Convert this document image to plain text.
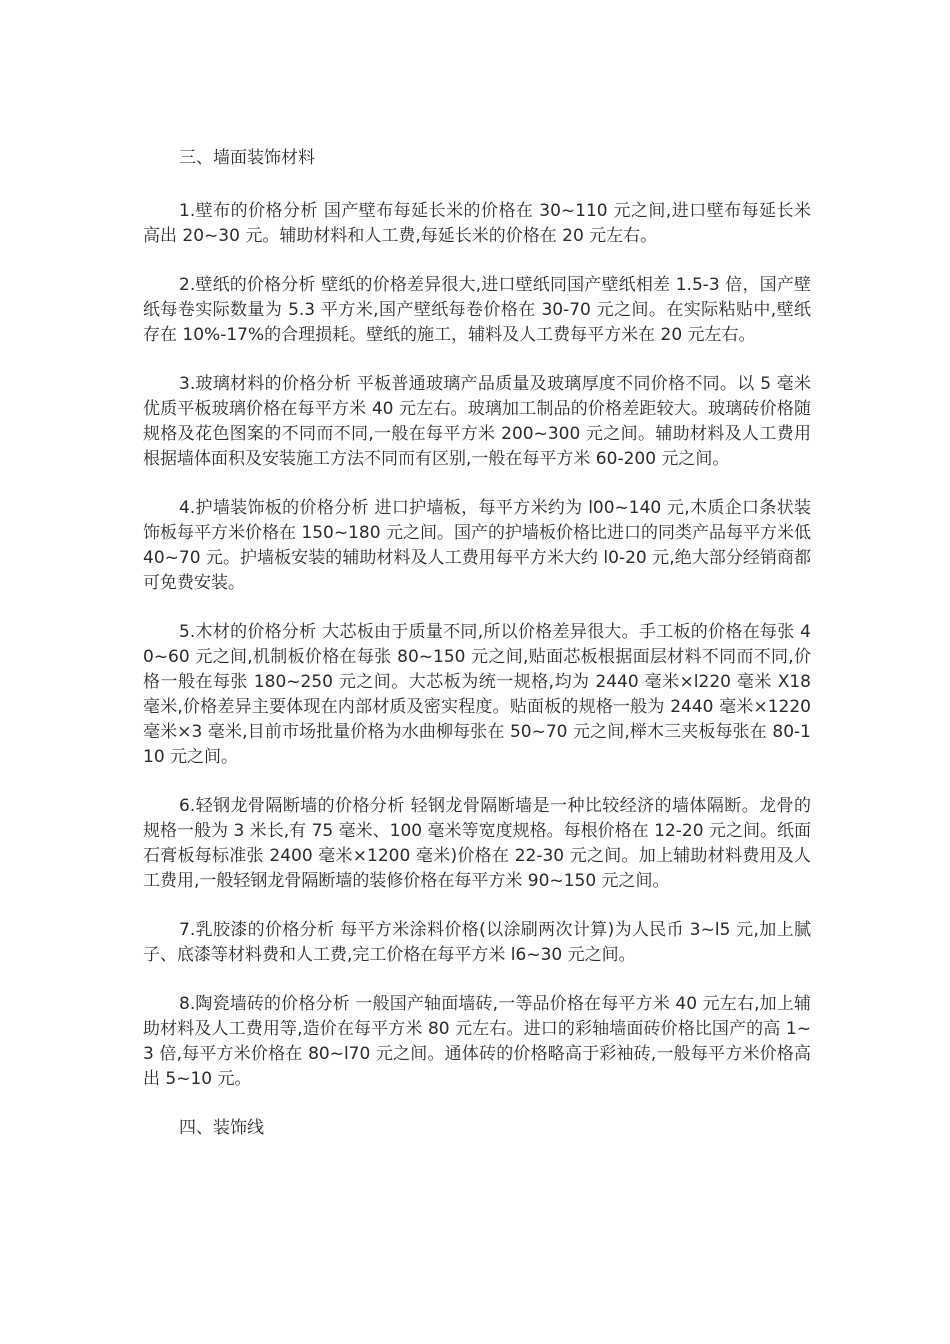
三、墙面装饰材料

1.壁布的价格分析 国产壁布每延长米的价格在 30~110 元之间,进口壁布每延长米高出 20~30 元。辅助材料和人工费,每延长米的价格在 20 元左右。

2.壁纸的价格分析 壁纸的价格差异很大,进口壁纸同国产壁纸相差 1.5-3 倍，国产壁纸每卷实际数量为 5.3 平方米,国产壁纸每卷价格在 30-70 元之间。在实际粘贴中,壁纸存在 10%-17%的合理损耗。壁纸的施工，辅料及人工费每平方米在 20 元左右。

3.玻璃材料的价格分析 平板普通玻璃产品质量及玻璃厚度不同价格不同。以 5 毫米优质平板玻璃价格在每平方米 40 元左右。玻璃加工制品的价格差距较大。玻璃砖价格随规格及花色图案的不同而不同,一般在每平方米 200~300 元之间。辅助材料及人工费用根据墙体面积及安装施工方法不同而有区别,一般在每平方米 60-200 元之间。

4.护墙装饰板的价格分析 进口护墙板，每平方米约为 l00~140 元,木质企口条状装饰板每平方米价格在 150~180 元之间。国产的护墙板价格比进口的同类产品每平方米低 40~70 元。护墙板安装的辅助材料及人工费用每平方米大约 l0-20 元,绝大部分经销商都可免费安装。

5.木材的价格分析 大芯板由于质量不同,所以价格差异很大。手工板的价格在每张 40~60 元之间,机制板价格在每张 80~150 元之间,贴面芯板根据面层材料不同而不同,价格一般在每张 180~250 元之间。大芯板为统一规格,均为 2440 毫米×l220 毫米 X18 毫米,价格差异主要体现在内部材质及密实程度。贴面板的规格一般为 2440 毫米×1220 毫米×3 毫米,目前市场批量价格为水曲柳每张在 50~70 元之间,榉木三夹板每张在 80-110 元之间。

6.轻钢龙骨隔断墙的价格分析 轻钢龙骨隔断墙是一种比较经济的墙体隔断。龙骨的规格一般为 3 米长,有 75 毫米、100 毫米等宽度规格。每根价格在 12-20 元之间。纸面石膏板每标准张 2400 毫米×1200 毫米)价格在 22-30 元之间。加上辅助材料费用及人工费用,一般轻钢龙骨隔断墙的装修价格在每平方米 90~150 元之间。

7.乳胶漆的价格分析 每平方米涂料价格(以涂刷两次计算)为人民币 3~l5 元,加上腻子、底漆等材料费和人工费,完工价格在每平方米 l6~30 元之间。

8.陶瓷墙砖的价格分析 一般国产轴面墙砖,一等品价格在每平方米 40 元左右,加上辅助材料及人工费用等,造价在每平方米 80 元左右。进口的彩轴墙面砖价格比国产的高 1~3 倍,每平方米价格在 80~l70 元之间。通体砖的价格略高于彩袖砖,一般每平方米价格高出 5~10 元。

四、装饰线
